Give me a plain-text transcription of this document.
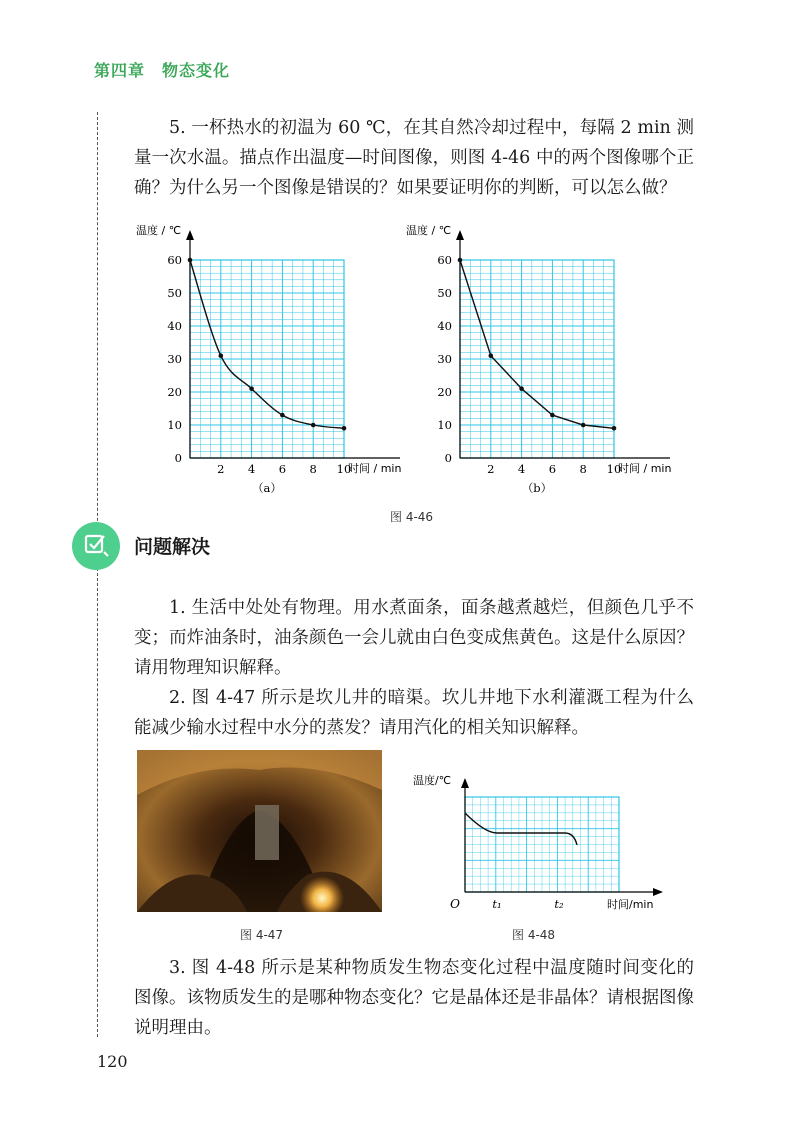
第四章　物态变化

5. 一杯热水的初温为 60 ℃，在其自然冷却过程中，每隔 2 min 测量一次水温。描点作出温度—时间图像，则图 4-46 中的两个图像哪个正确？为什么另一个图像是错误的？如果要证明你的判断，可以怎么做？

温度 / ℃
时间 / min
0
10
20
30
40
50
60
2 4 6 8 10
（a）
温度 / ℃
时间 / min
0
10
20
30
40
50
60
2 4 6 8 10
（b）
图 4-46
问题解决

1. 生活中处处有物理。用水煮面条，面条越煮越烂，但颜色几乎不变；而炸油条时，油条颜色一会儿就由白色变成焦黄色。这是什么原因？请用物理知识解释。

2. 图 4-47 所示是坎儿井的暗渠。坎儿井地下水利灌溉工程为什么能减少输水过程中水分的蒸发？请用汽化的相关知识解释。

图 4-47
温度/℃
时间/min
O	t₁	t₂
图 4-48

3. 图 4-48 所示是某种物质发生物态变化过程中温度随时间变化的图像。该物质发生的是哪种物态变化？它是晶体还是非晶体？请根据图像说明理由。

120
